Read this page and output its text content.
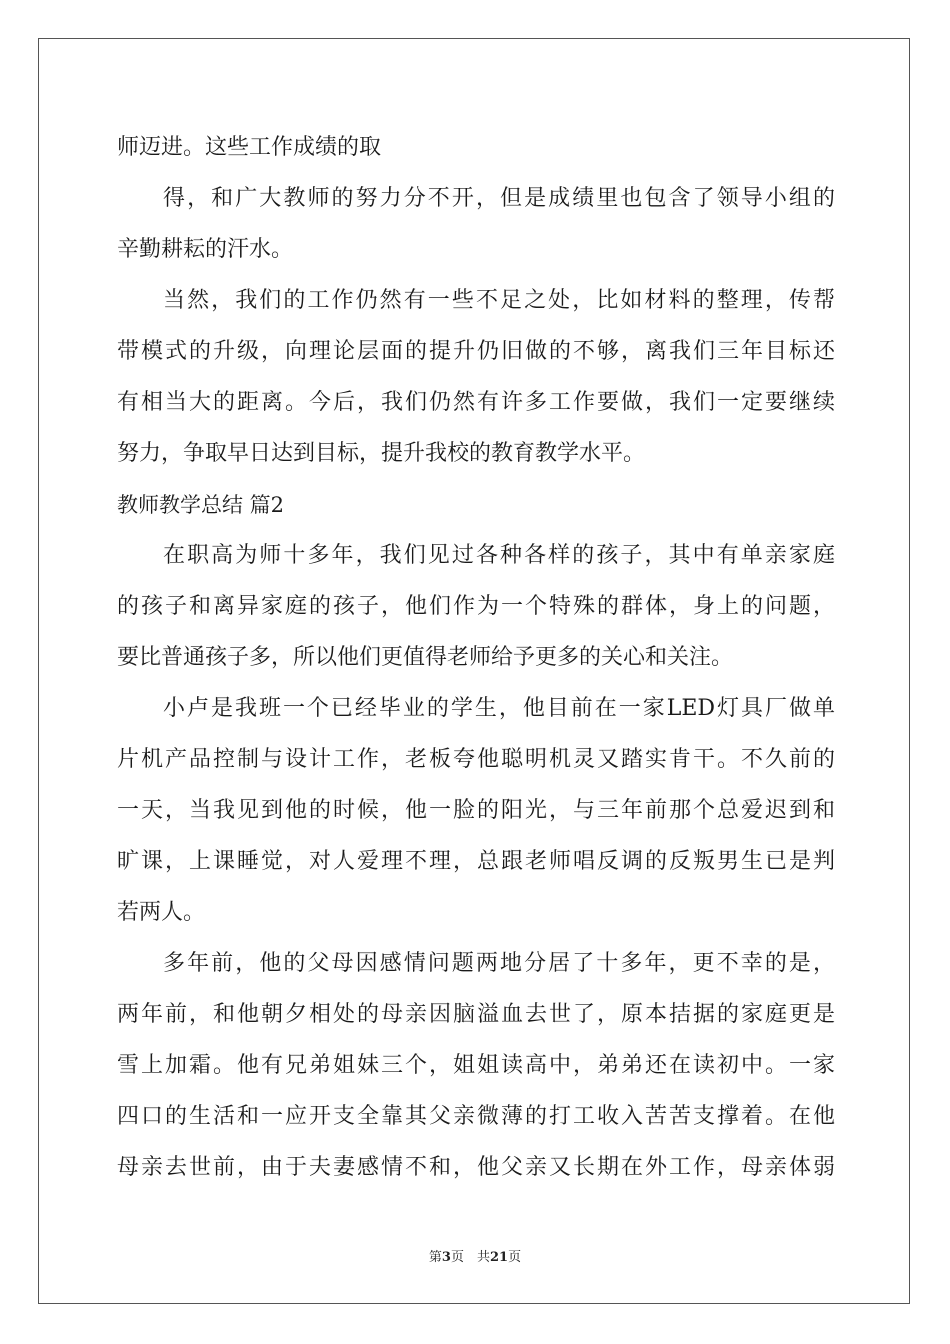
师迈进。这些工作成绩的取
得，和广大教师的努力分不开，但是成绩里也包含了领导小组的
辛勤耕耘的汗水。
当然，我们的工作仍然有一些不足之处，比如材料的整理，传帮
带模式的升级，向理论层面的提升仍旧做的不够，离我们三年目标还
有相当大的距离。今后，我们仍然有许多工作要做，我们一定要继续
努力，争取早日达到目标，提升我校的教育教学水平。
教师教学总结 篇2
在职高为师十多年，我们见过各种各样的孩子，其中有单亲家庭
的孩子和离异家庭的孩子，他们作为一个特殊的群体，身上的问题，
要比普通孩子多，所以他们更值得老师给予更多的关心和关注。
小卢是我班一个已经毕业的学生，他目前在一家LED灯具厂做单
片机产品控制与设计工作，老板夸他聪明机灵又踏实肯干。不久前的
一天，当我见到他的时候，他一脸的阳光，与三年前那个总爱迟到和
旷课，上课睡觉，对人爱理不理，总跟老师唱反调的反叛男生已是判
若两人。
多年前，他的父母因感情问题两地分居了十多年，更不幸的是，
两年前，和他朝夕相处的母亲因脑溢血去世了，原本拮据的家庭更是
雪上加霜。他有兄弟姐妹三个，姐姐读高中，弟弟还在读初中。一家
四口的生活和一应开支全靠其父亲微薄的打工收入苦苦支撑着。在他
母亲去世前，由于夫妻感情不和，他父亲又长期在外工作，母亲体弱
第3页　共21页
